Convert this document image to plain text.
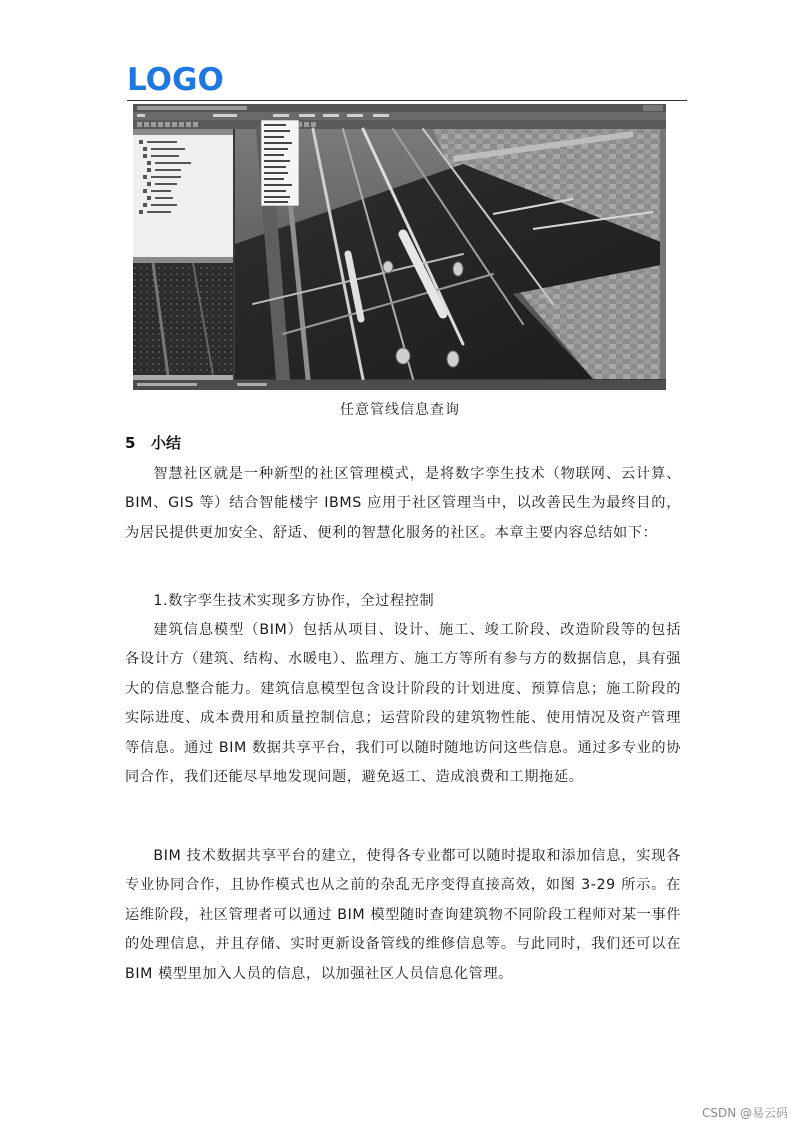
LOGO
任意管线信息查询
5 小结

智慧社区就是一种新型的社区管理模式，是将数字孪生技术（物联网、云计算、BIM、GIS 等）结合智能楼宇 IBMS 应用于社区管理当中，以改善民生为最终目的，为居民提供更加安全、舒适、便利的智慧化服务的社区。本章主要内容总结如下：

1.数字孪生技术实现多方协作，全过程控制

建筑信息模型（BIM）包括从项目、设计、施工、竣工阶段、改造阶段等的包括各设计方（建筑、结构、水暖电）、监理方、施工方等所有参与方的数据信息，具有强大的信息整合能力。建筑信息模型包含设计阶段的计划进度、预算信息；施工阶段的实际进度、成本费用和质量控制信息；运营阶段的建筑物性能、使用情况及资产管理等信息。通过 BIM 数据共享平台，我们可以随时随地访问这些信息。通过多专业的协同合作，我们还能尽早地发现问题，避免返工、造成浪费和工期拖延。

BIM 技术数据共享平台的建立，使得各专业都可以随时提取和添加信息，实现各专业协同合作，且协作模式也从之前的杂乱无序变得直接高效，如图 3-29 所示。在运维阶段，社区管理者可以通过 BIM 模型随时查询建筑物不同阶段工程师对某一事件的处理信息，并且存储、实时更新设备管线的维修信息等。与此同时，我们还可以在 BIM 模型里加入人员的信息，以加强社区人员信息化管理。

CSDN @易云码
